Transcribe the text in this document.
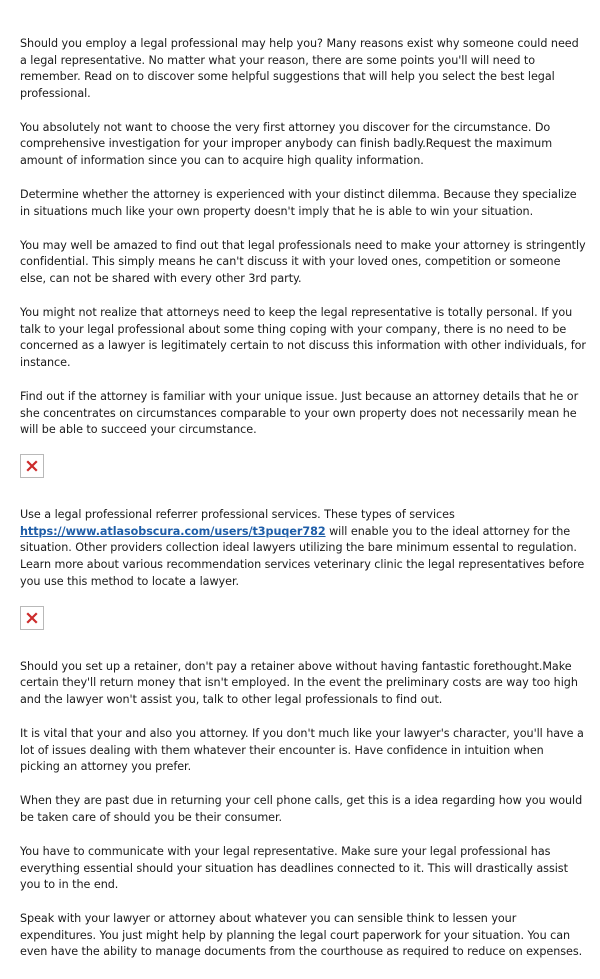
Should you employ a legal professional may help you? Many reasons exist why someone could need a legal representative. No matter what your reason, there are some points you'll will need to remember. Read on to discover some helpful suggestions that will help you select the best legal professional.

You absolutely not want to choose the very first attorney you discover for the circumstance. Do comprehensive investigation for your improper anybody can finish badly.Request the maximum amount of information since you can to acquire high quality information.

Determine whether the attorney is experienced with your distinct dilemma. Because they specialize in situations much like your own property doesn't imply that he is able to win your situation.

You may well be amazed to find out that legal professionals need to make your attorney is stringently confidential. This simply means he can't discuss it with your loved ones, competition or someone else, can not be shared with every other 3rd party.

You might not realize that attorneys need to keep the legal representative is totally personal. If you talk to your legal professional about some thing coping with your company, there is no need to be concerned as a lawyer is legitimately certain to not discuss this information with other individuals, for instance.

Find out if the attorney is familiar with your unique issue. Just because an attorney details that he or she concentrates on circumstances comparable to your own property does not necessarily mean he will be able to succeed your circumstance.

Use a legal professional referrer professional services. These types of services https://www.atlasobscura.com/users/t3puqer782 will enable you to the ideal attorney for the situation. Other providers collection ideal lawyers utilizing the bare minimum essental to regulation. Learn more about various recommendation services veterinary clinic the legal representatives before you use this method to locate a lawyer.

Should you set up a retainer, don't pay a retainer above without having fantastic forethought.Make certain they'll return money that isn't employed. In the event the preliminary costs are way too high and the lawyer won't assist you, talk to other legal professionals to find out.

It is vital that your and also you attorney. If you don't much like your lawyer's character, you'll have a lot of issues dealing with them whatever their encounter is. Have confidence in intuition when picking an attorney you prefer.

When they are past due in returning your cell phone calls, get this is a idea regarding how you would be taken care of should you be their consumer.

You have to communicate with your legal representative. Make sure your legal professional has everything essential should your situation has deadlines connected to it. This will drastically assist you to in the end.

Speak with your lawyer or attorney about whatever you can sensible think to lessen your expenditures. You just might help by planning the legal court paperwork for your situation. You can even have the ability to manage documents from the courthouse as required to reduce on expenses.
